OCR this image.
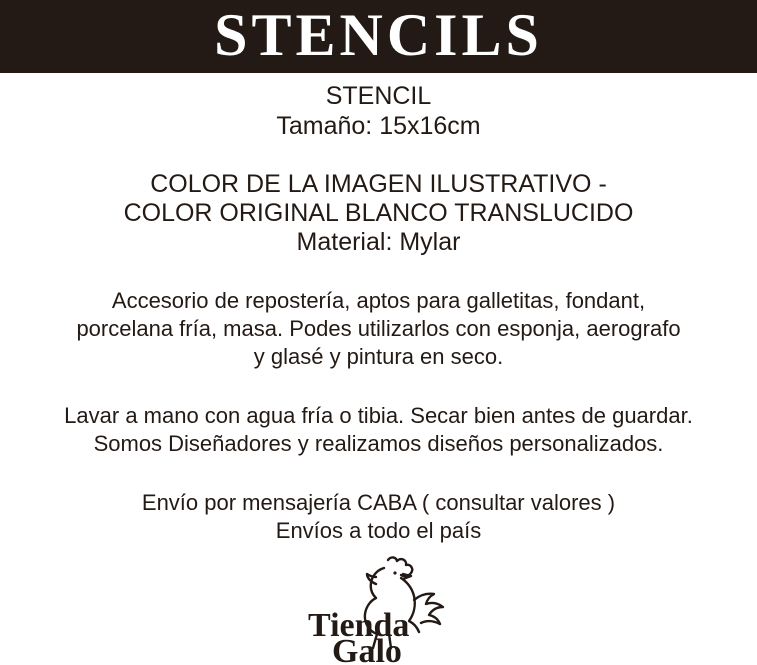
STENCILS
STENCIL
Tamaño: 15x16cm
COLOR DE LA IMAGEN ILUSTRATIVO -
COLOR ORIGINAL BLANCO TRANSLUCIDO
Material: Mylar
Accesorio de repostería, aptos para galletitas, fondant,
porcelana fría, masa. Podes utilizarlos con esponja, aerografo
y glasé y pintura en seco.
Lavar a mano con agua fría o tibia. Secar bien antes de guardar.
Somos Diseñadores y realizamos diseños personalizados.
Envío por mensajería CABA ( consultar valores )
Envíos a todo el país
Tienda
Galo
